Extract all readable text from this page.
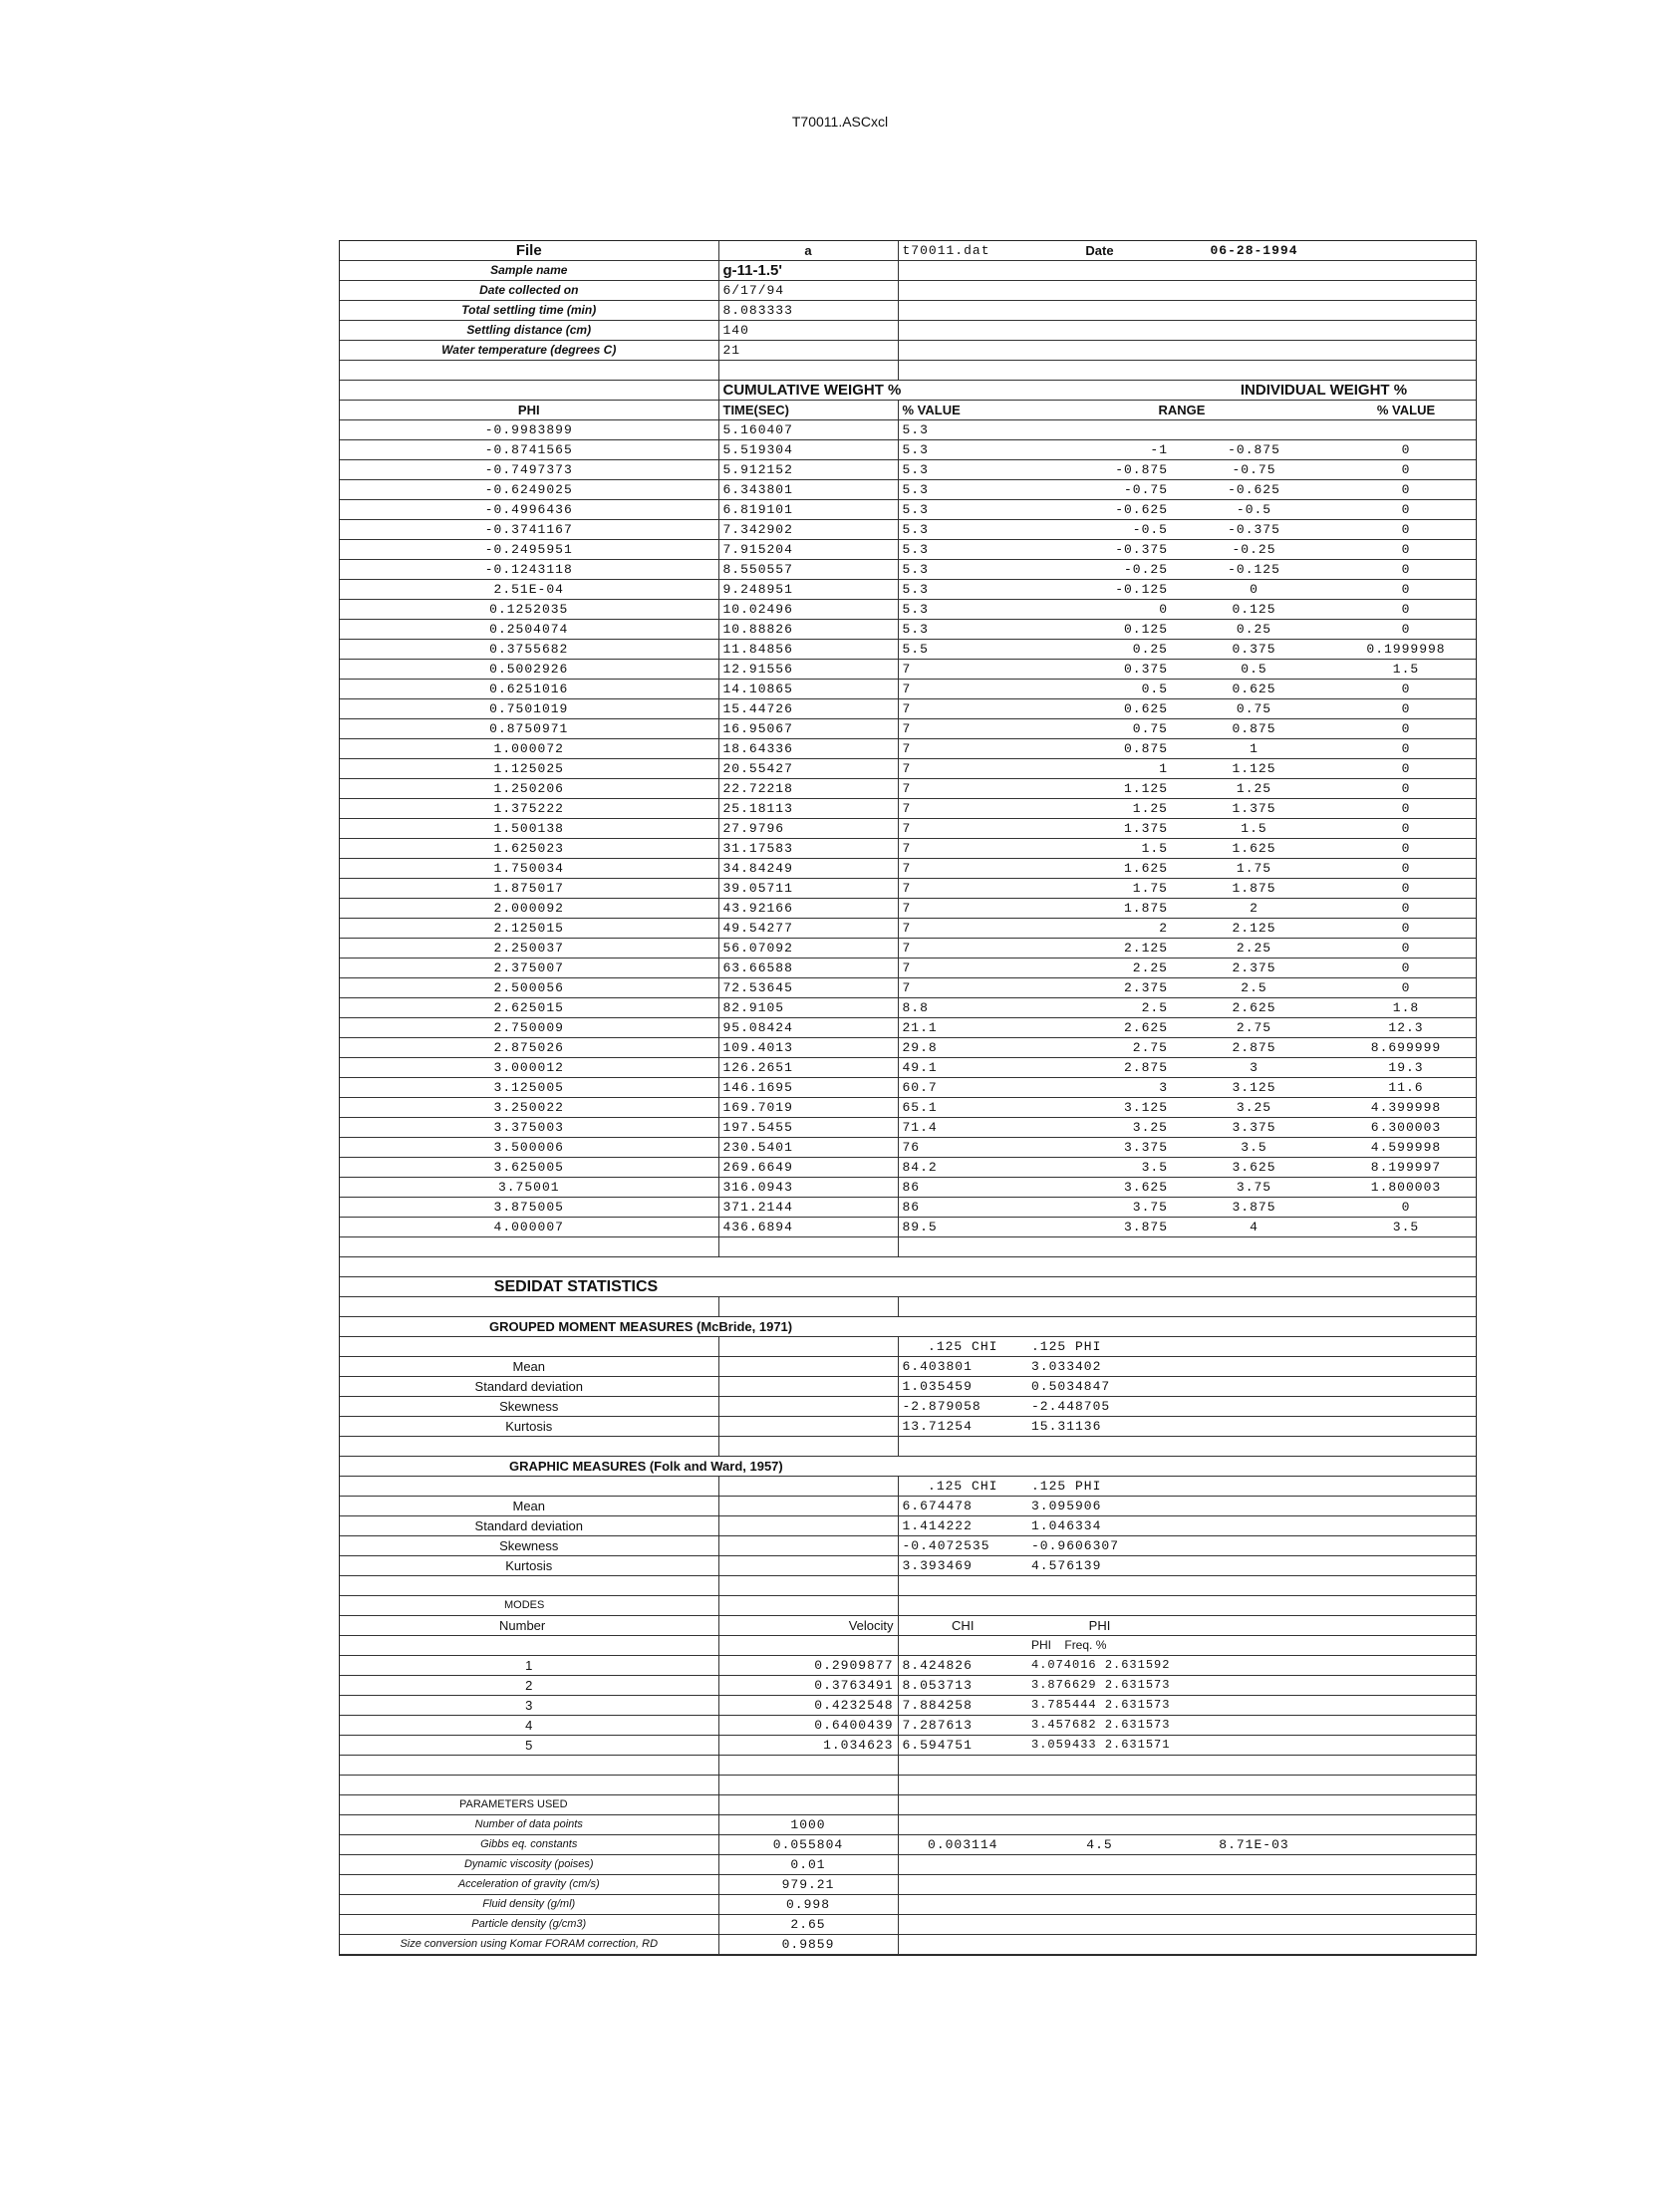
T70011.ASCxcl
File	a	t70011.dat	Date	06-28-1994	
Sample name	g-11-1.5'				
Date collected on	6/17/94				
Total settling time (min)	8.083333				
Settling distance (cm)	140				
Water temperature (degrees C)	21				

	CUMULATIVE WEIGHT %			INDIVIDUAL WEIGHT %	
PHI	TIME(SEC)	% VALUE	RANGE		% VALUE
-0.9983899	5.160407	5.3			
-0.8741565	5.519304	5.3	-1	-0.875	0
-0.7497373	5.912152	5.3	-0.875	-0.75	0
-0.6249025	6.343801	5.3	-0.75	-0.625	0
-0.4996436	6.819101	5.3	-0.625	-0.5	0
-0.3741167	7.342902	5.3	-0.5	-0.375	0
-0.2495951	7.915204	5.3	-0.375	-0.25	0
-0.1243118	8.550557	5.3	-0.25	-0.125	0
2.51E-04	9.248951	5.3	-0.125	0	0
0.1252035	10.02496	5.3	0	0.125	0
0.2504074	10.88826	5.3	0.125	0.25	0
0.3755682	11.84856	5.5	0.25	0.375	0.1999998
0.5002926	12.91556	7	0.375	0.5	1.5
0.6251016	14.10865	7	0.5	0.625	0
0.7501019	15.44726	7	0.625	0.75	0
0.8750971	16.95067	7	0.75	0.875	0
1.000072	18.64336	7	0.875	1	0
1.125025	20.55427	7	1	1.125	0
1.250206	22.72218	7	1.125	1.25	0
1.375222	25.18113	7	1.25	1.375	0
1.500138	27.9796	7	1.375	1.5	0
1.625023	31.17583	7	1.5	1.625	0
1.750034	34.84249	7	1.625	1.75	0
1.875017	39.05711	7	1.75	1.875	0
2.000092	43.92166	7	1.875	2	0
2.125015	49.54277	7	2	2.125	0
2.250037	56.07092	7	2.125	2.25	0
2.375007	63.66588	7	2.25	2.375	0
2.500056	72.53645	7	2.375	2.5	0
2.625015	82.9105	8.8	2.5	2.625	1.8
2.750009	95.08424	21.1	2.625	2.75	12.3
2.875026	109.4013	29.8	2.75	2.875	8.699999
3.000012	126.2651	49.1	2.875	3	19.3
3.125005	146.1695	60.7	3	3.125	11.6
3.250022	169.7019	65.1	3.125	3.25	4.399998
3.375003	197.5455	71.4	3.25	3.375	6.300003
3.500006	230.5401	76	3.375	3.5	4.599998
3.625005	269.6649	84.2	3.5	3.625	8.199997
3.75001	316.0943	86	3.625	3.75	1.800003
3.875005	371.2144	86	3.75	3.875	0
4.000007	436.6894	89.5	3.875	4	3.5

SEDIDAT STATISTICS					

GROUPED MOMENT MEASURES (McBride, 1971)					
		.125 CHI	.125 PHI		
Mean		6.403801	3.033402		
Standard deviation		1.035459	0.5034847		
Skewness		-2.879058	-2.448705		
Kurtosis		13.71254	15.31136		

GRAPHIC MEASURES (Folk and Ward, 1957)					
		.125 CHI	.125 PHI		
Mean		6.674478	3.095906		
Standard deviation		1.414222	1.046334		
Skewness		-0.4072535	-0.9606307		
Kurtosis		3.393469	4.576139		

MODES					
Number	Velocity	CHI	PHI		
			PHI Freq. %		
1	0.2909877	8.424826	4.074016 2.631592		
2	0.3763491	8.053713	3.876629 2.631573		
3	0.4232548	7.884258	3.785444 2.631573		
4	0.6400439	7.287613	3.457682 2.631573		
5	1.034623	6.594751	3.059433 2.631571		

PARAMETERS USED					
Number of data points	1000				
Gibbs eq. constants	0.055804	0.003114	4.5	8.71E-03	
Dynamic viscosity (poises)	0.01				
Acceleration of gravity (cm/s)	979.21				
Fluid density (g/ml)	0.998				
Particle density (g/cm3)	2.65				
Size conversion using Komar FORAM correction, RD	0.9859				
